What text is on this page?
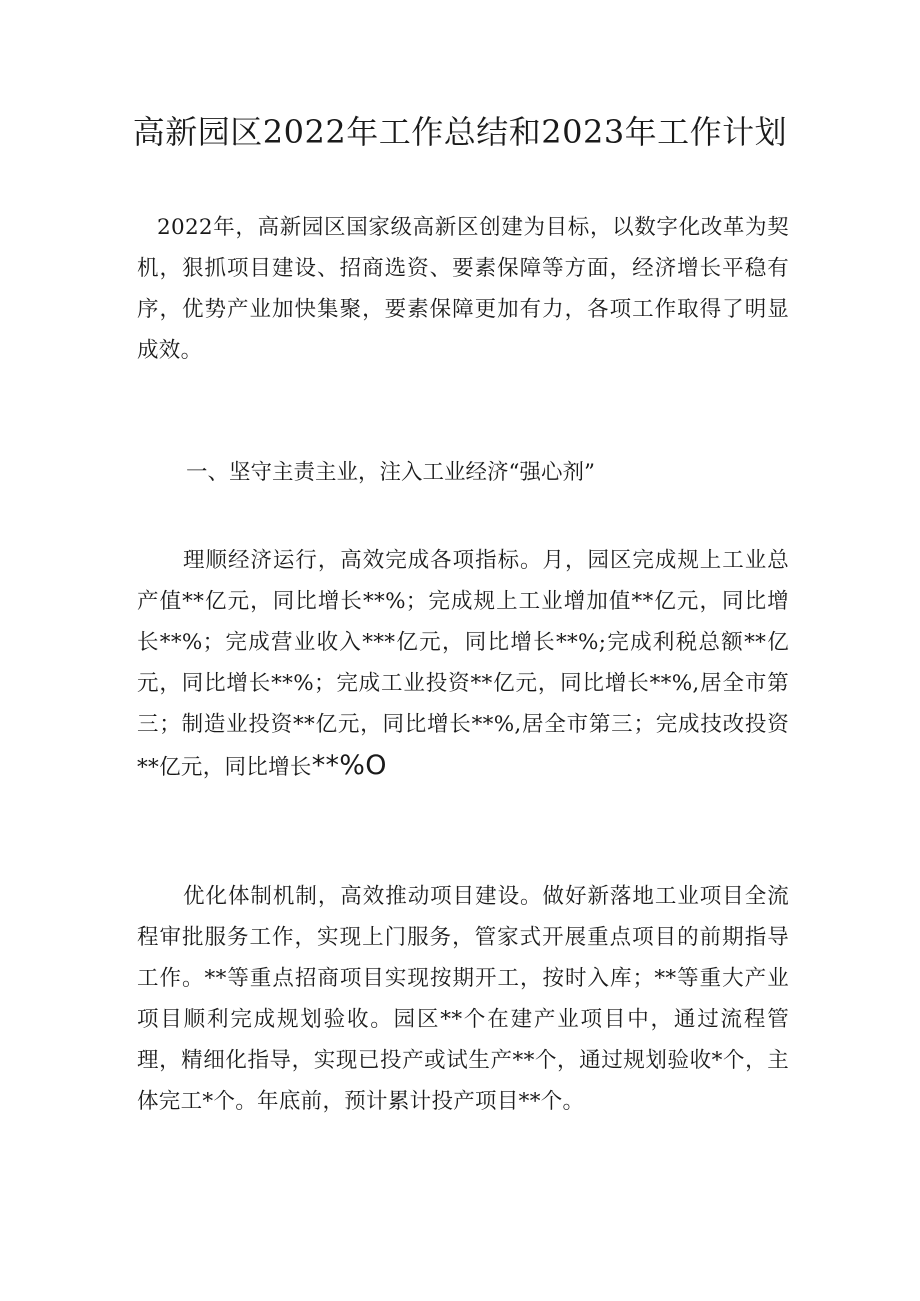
高新园区2022年工作总结和2023年工作计划

2022年，高新园区国家级高新区创建为目标，以数字化改革为契机，狠抓项目建设、招商选资、要素保障等方面，经济增长平稳有序，优势产业加快集聚，要素保障更加有力，各项工作取得了明显成效。

一、坚守主责主业，注入工业经济“强心剂”

理顺经济运行，高效完成各项指标。月，园区完成规上工业总产值**亿元，同比增长**%；完成规上工业增加值**亿元，同比增长**%；完成营业收入***亿元，同比增长**%;完成利税总额**亿元，同比增长**%；完成工业投资**亿元，同比增长**%,居全市第三；制造业投资**亿元，同比增长**%,居全市第三；完成技改投资**亿元，同比增长**%O

优化体制机制，高效推动项目建设。做好新落地工业项目全流程审批服务工作，实现上门服务，管家式开展重点项目的前期指导工作。**等重点招商项目实现按期开工，按时入库；**等重大产业项目顺利完成规划验收。园区**个在建产业项目中，通过流程管理，精细化指导，实现已投产或试生产**个，通过规划验收*个，主体完工*个。年底前，预计累计投产项目**个。
